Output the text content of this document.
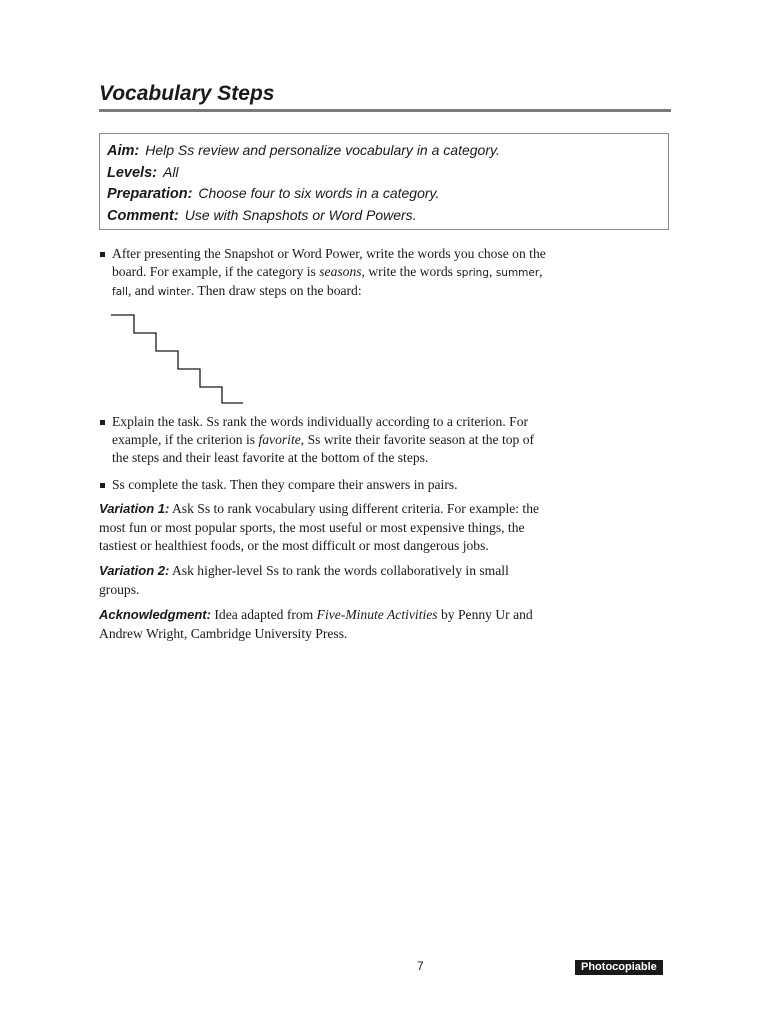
Vocabulary Steps
Aim: Help Ss review and personalize vocabulary in a category.
Levels: All
Preparation: Choose four to six words in a category.
Comment: Use with Snapshots or Word Powers.
After presenting the Snapshot or Word Power, write the words you chose on the board. For example, if the category is seasons, write the words spring, summer, fall, and winter. Then draw steps on the board:
Explain the task. Ss rank the words individually according to a criterion. For example, if the criterion is favorite, Ss write their favorite season at the top of the steps and their least favorite at the bottom of the steps.
Ss complete the task. Then they compare their answers in pairs.

Variation 1: Ask Ss to rank vocabulary using different criteria. For example: the most fun or most popular sports, the most useful or most expensive things, the tastiest or healthiest foods, or the most difficult or most dangerous jobs.

Variation 2: Ask higher-level Ss to rank the words collaboratively in small groups.

Acknowledgment: Idea adapted from Five-Minute Activities by Penny Ur and Andrew Wright, Cambridge University Press.

7	Photocopiable
